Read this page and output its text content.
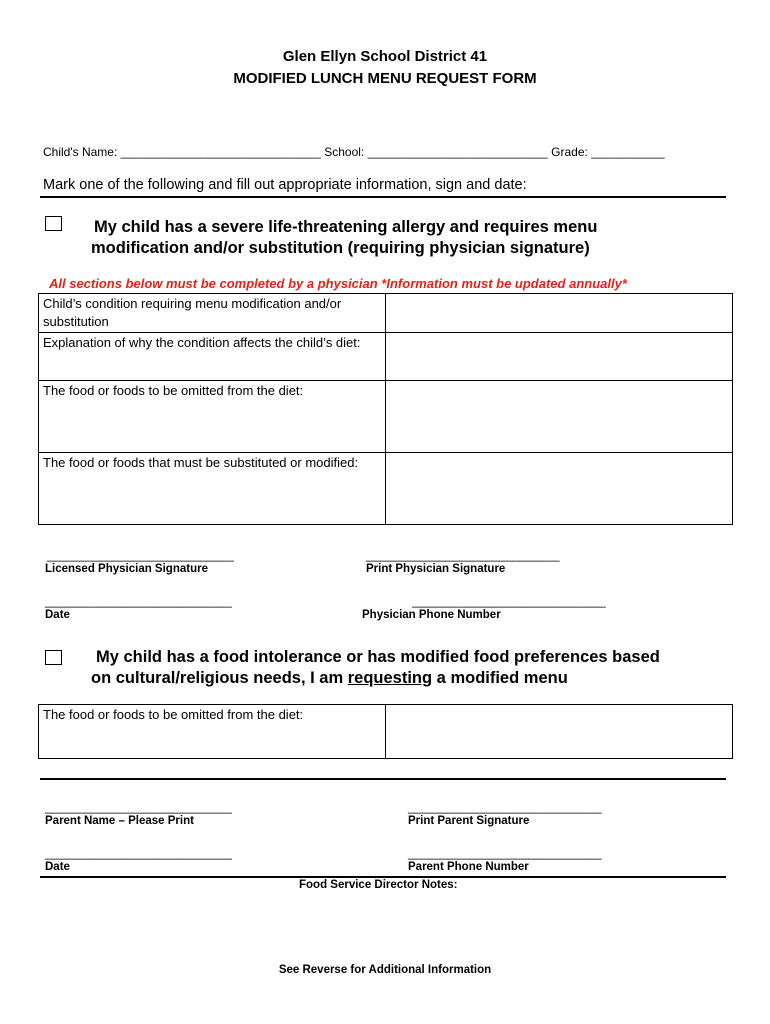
Glen Ellyn School District 41
MODIFIED LUNCH MENU REQUEST FORM
Child's Name: ______________________________ School: ___________________________ Grade: ___________
Mark one of the following and fill out appropriate information, sign and date:
My child has a severe life-threatening allergy and requires menu
modification and/or substitution (requiring physician signature)
All sections below must be completed by a physician *Information must be updated annually*
Child’s condition requiring menu modification and/or substitution	
Explanation of why the condition affects the child’s diet:	
The food or foods to be omitted from the diet:	
The food or foods that must be substituted or modified:	
____________________________	_____________________________
Licensed Physician Signature	Print Physician Signature
____________________________	_____________________________
Date	Physician Phone Number
My child has a food intolerance or has modified food preferences based
on cultural/religious needs, I am requesting a modified menu
The food or foods to be omitted from the diet:	
____________________________	_____________________________
Parent Name – Please Print	Print Parent Signature
____________________________	_____________________________
Date	Parent Phone Number
Food Service Director Notes:
See Reverse for Additional Information
